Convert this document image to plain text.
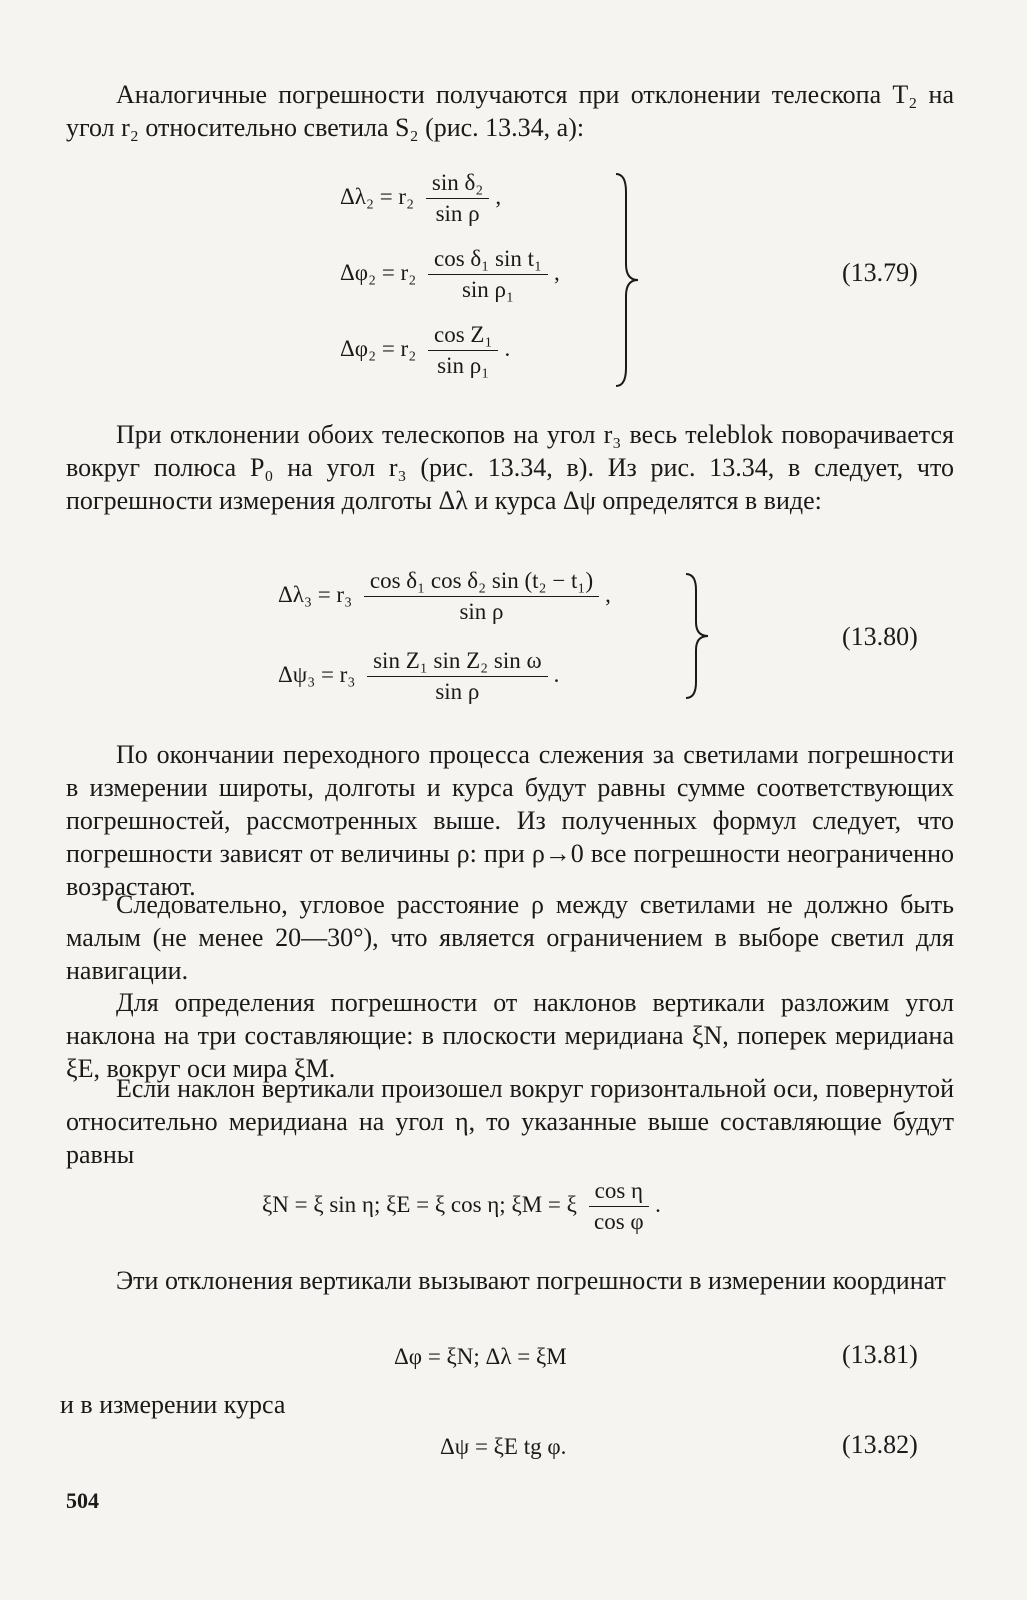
Аналогичные погрешности получаются при отклонении телескопа T₂ на угол r₂ относительно светила S₂ (рис. 13.34, а):

$\Delta\lambda_2 = r_2 \frac{\text{sin δ₂}}{\text{sin ρ}}$ ,
$\Delta\varphi_2 = r_2 \frac{\text{cos δ₁ sin t₁}}{\text{sin ρ₁}}$ ,
$\Delta\varphi_2 = r_2 \frac{\text{cos Z₁}}{\text{sin ρ₁}}$ .
(13.79)

При отклонении обоих телескопов на угол r₃ весь теleblok поворачивается вокруг полюса P₀ на угол r₃ (рис. 13.34, в). Из рис. 13.34, в следует, что погрешности измерения долготы Δλ и курса Δψ определятся в виде:

$\Delta\lambda_3 = r_3 \frac{\text{cos δ₁ cos δ₂ sin (t₂ − t₁)}}{\text{sin ρ}}$ ,
$\Delta\psi_3 = r_3 \frac{\text{sin Z₁ sin Z₂ sin ω}}{\text{sin ρ}}$ .
(13.80)

По окончании переходного процесса слежения за светилами погрешности в измерении широты, долготы и курса будут равны сумме соответствующих погрешностей, рассмотренных выше. Из полученных формул следует, что погрешности зависят от величины ρ: при ρ→0 все погрешности неограниченно возрастают.

Следовательно, угловое расстояние ρ между светилами не должно быть малым (не менее 20—30°), что является ограничением в выборе светил для навигации.

Для определения погрешности от наклонов вертикали разложим угол наклона на три составляющие: в плоскости меридиана ξN, поперек меридиана ξE, вокруг оси мира ξM.

Если наклон вертикали произошел вокруг горизонтальной оси, повернутой относительно меридиана на угол η, то указанные выше составляющие будут равны

ξN = ξ sin η; ξE = ξ cos η; ξM = ξ $\frac{\text{cos η}}{\text{cos φ}}$ .

Эти отклонения вертикали вызывают погрешности в измерении координат

Δφ = ξN; Δλ = ξM	(13.81)

и в измерении курса

Δψ = ξE tg φ.	(13.82)
504
